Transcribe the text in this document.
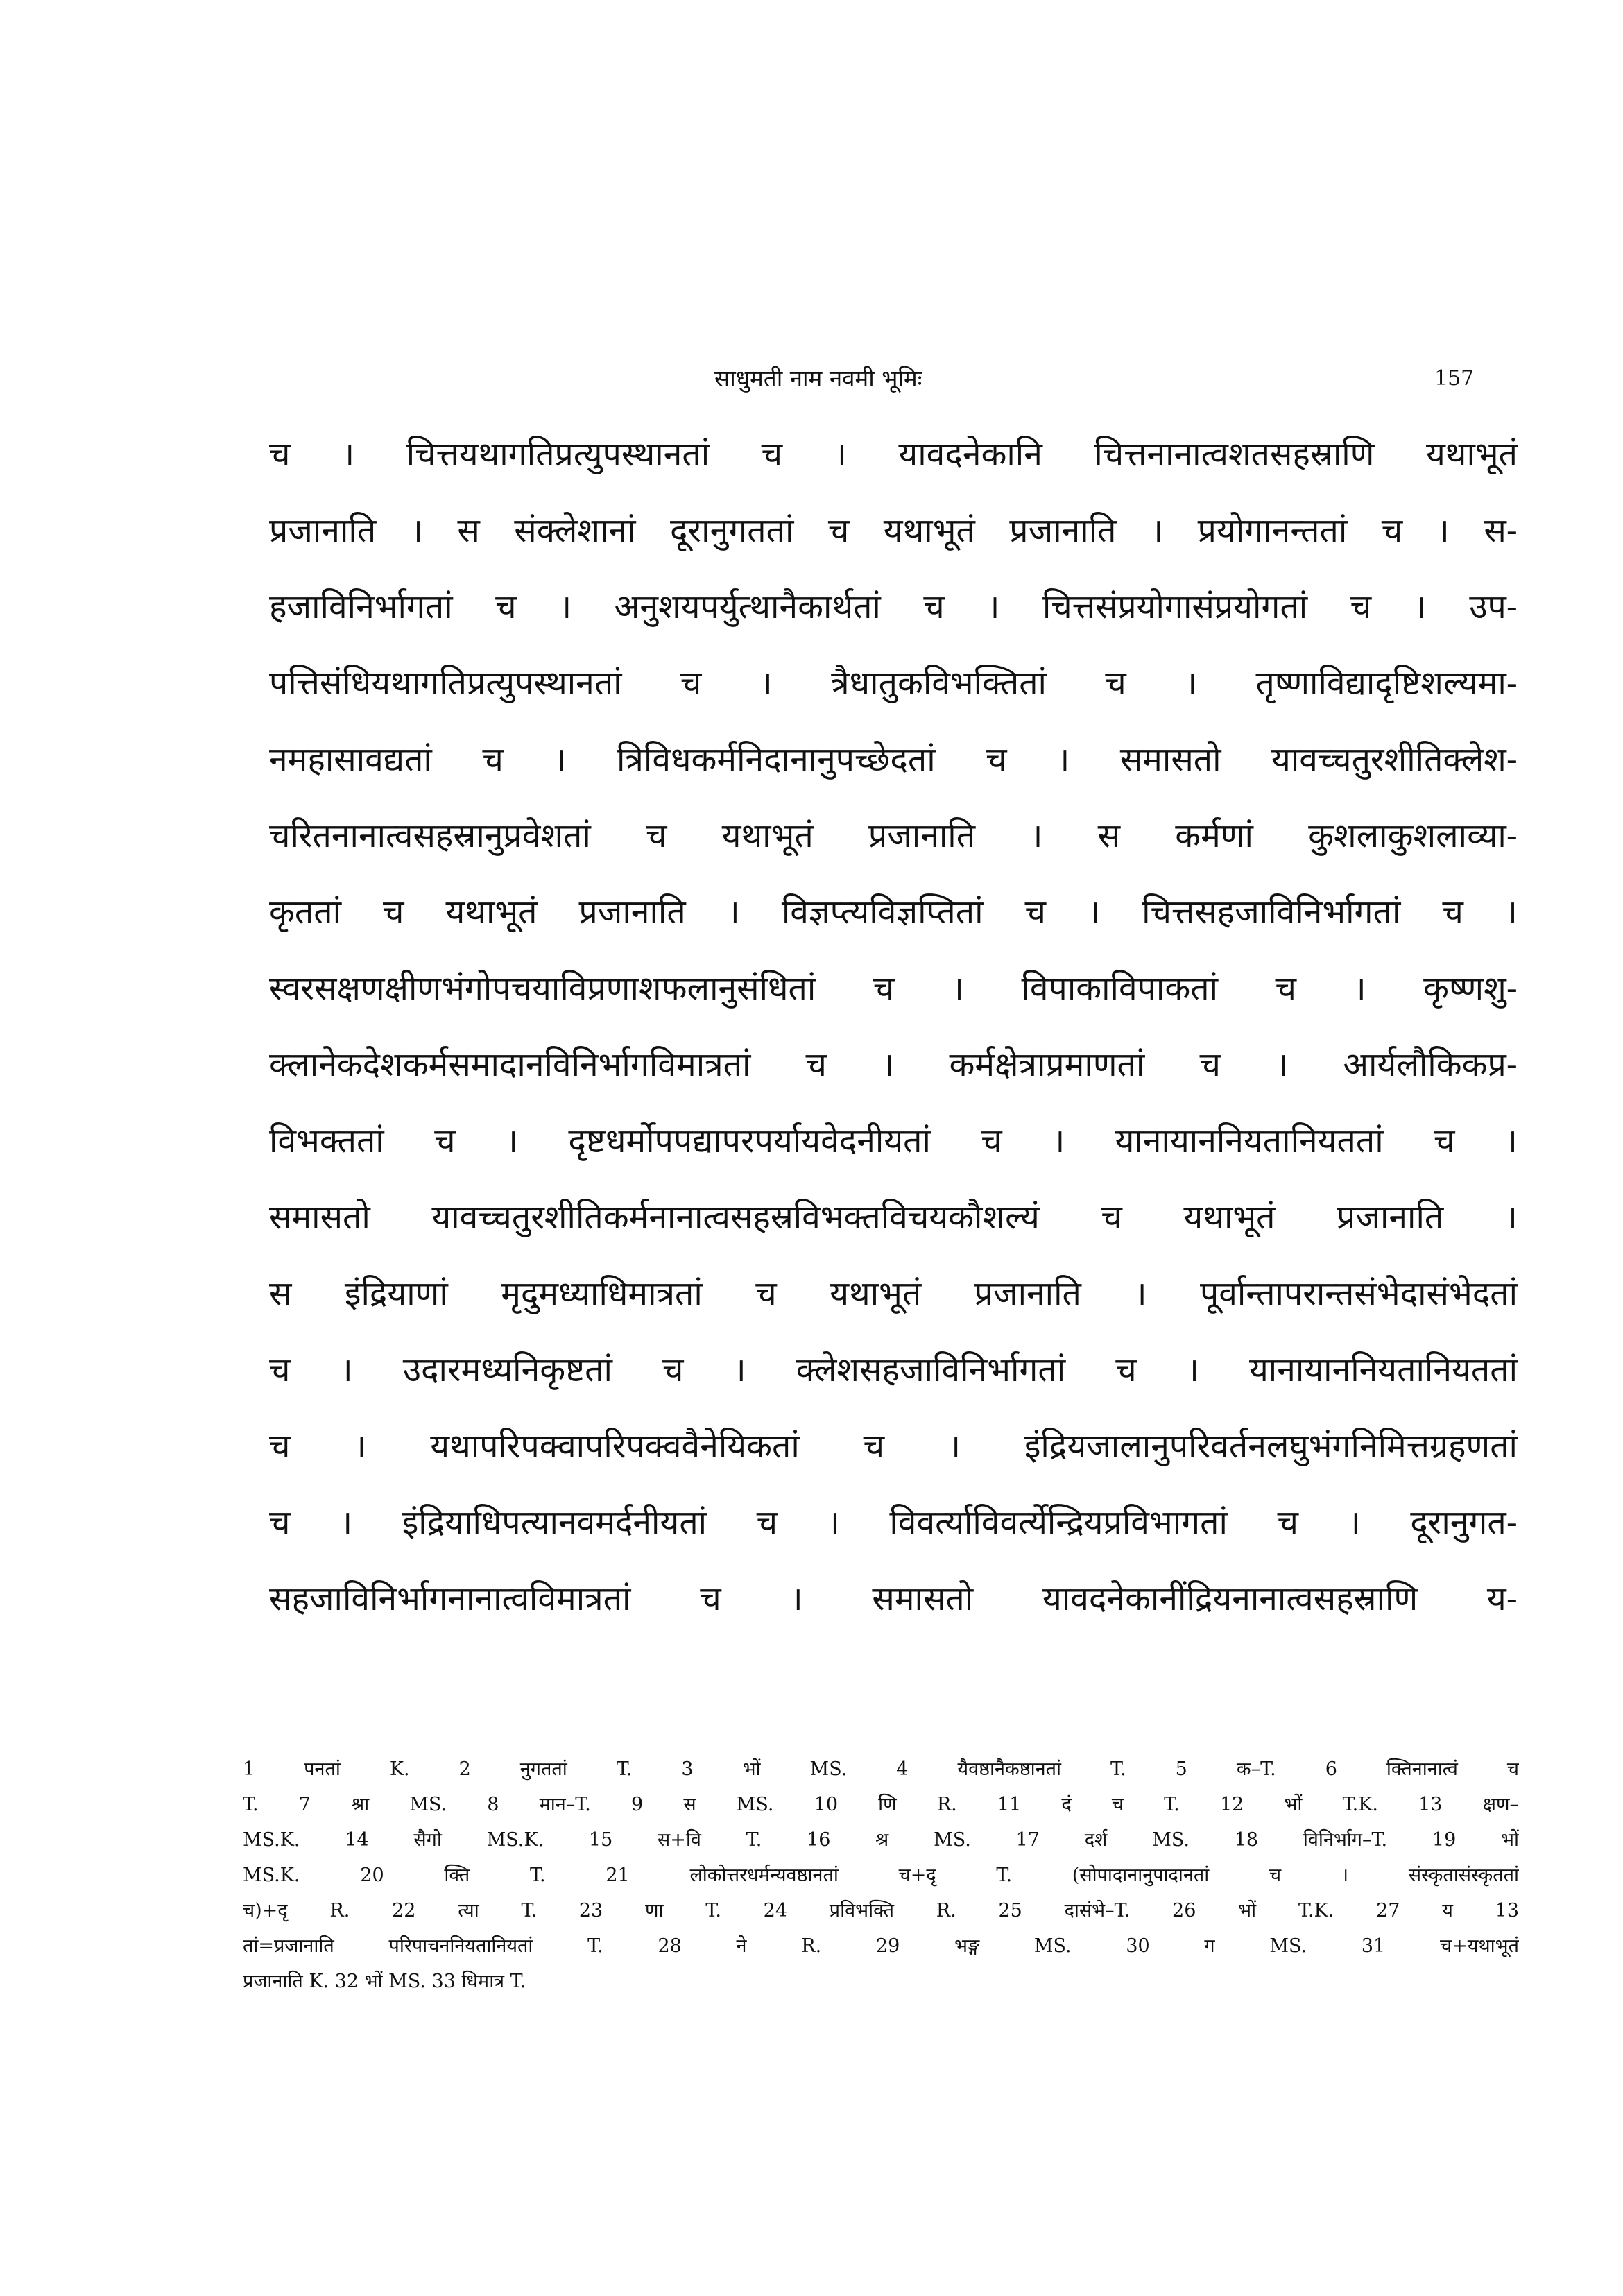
साधुमती नाम नवमी भूमिः	157
च । चित्तयथागतिप्रत्युपस्थानतां च । यावदनेकानि चित्तनानात्वशतसहस्राणि यथाभूतं
प्रजानाति । स संक्लेशानां दूरानुगततां च यथाभूतं प्रजानाति । प्रयोगानन्ततां च । स-
हजाविनिर्भागतां च । अनुशयपर्युत्थानैकार्थतां च । चित्तसंप्रयोगासंप्रयोगतां च । उप-
पत्तिसंधियथागतिप्रत्युपस्थानतां च । त्रैधातुकविभक्तितां च । तृष्णाविद्यादृष्टिशल्यमा-
नमहासावद्यतां च । त्रिविधकर्मनिदानानुपच्छेदतां च । समासतो यावच्चतुरशीतिक्लेश-
चरितनानात्वसहस्रानुप्रवेशतां च यथाभूतं प्रजानाति । स कर्मणां कुशलाकुशलाव्या-
कृततां च यथाभूतं प्रजानाति । विज्ञप्त्यविज्ञप्तितां च । चित्तसहजाविनिर्भागतां च ।
स्वरसक्षणक्षीणभंगोपचयाविप्रणाशफलानुसंधितां च । विपाकाविपाकतां च । कृष्णशु-
क्लानेकदेशकर्मसमादानविनिर्भागविमात्रतां च । कर्मक्षेत्राप्रमाणतां च । आर्यलौकिकप्र-
विभक्ततां च । दृष्टधर्मोपपद्यापरपर्यायवेदनीयतां च । यानायाननियतानियततां च ।
समासतो यावच्चतुरशीतिकर्मनानात्वसहस्रविभक्तविचयकौशल्यं च यथाभूतं प्रजानाति ।
स इंद्रियाणां मृदुमध्याधिमात्रतां च यथाभूतं प्रजानाति । पूर्वान्तापरान्तसंभेदासंभेदतां
च । उदारमध्यनिकृष्टतां च । क्लेशसहजाविनिर्भागतां च । यानायाननियतानियततां
च । यथापरिपक्वापरिपक्ववैनेयिकतां च । इंद्रियजालानुपरिवर्तनलघुभंगनिमित्तग्रहणतां
च । इंद्रियाधिपत्यानवमर्दनीयतां च । विवर्त्याविवर्त्येन्द्रियप्रविभागतां च । दूरानुगत-
सहजाविनिर्भागनानात्वविमात्रतां च । समासतो यावदनेकानींद्रियनानात्वसहस्राणि य-
1 पनतां K. 2 नुगततां T. 3 भों MS. 4 यैवष्ठानैकष्ठानतां T. 5 क–T. 6 क्तिनानात्वं च
T. 7 श्रा MS. 8 मान–T. 9 स MS. 10 णि R. 11 दं च T. 12 भों T.K. 13 क्षण–
MS.K. 14 सैगो MS.K. 15 स+वि T. 16 श्र MS. 17 दर्श MS. 18 विनिर्भाग–T. 19 भों
MS.K. 20 क्ति T. 21 लोकोत्तरधर्मन्यवष्ठानतां च+दृ T. (सोपादानानुपादानतां च । संस्कृतासंस्कृततां
च)+दृ R. 22 त्या T. 23 णा T. 24 प्रविभक्ति R. 25 दासंभे–T. 26 भों T.K. 27 य 13
तां=प्रजानाति परिपाचननियतानियतां T. 28 ने R. 29 भङ्ग MS. 30 ग MS. 31 च+यथाभूतं
प्रजानाति K. 32 भों MS. 33 धिमात्र T.
